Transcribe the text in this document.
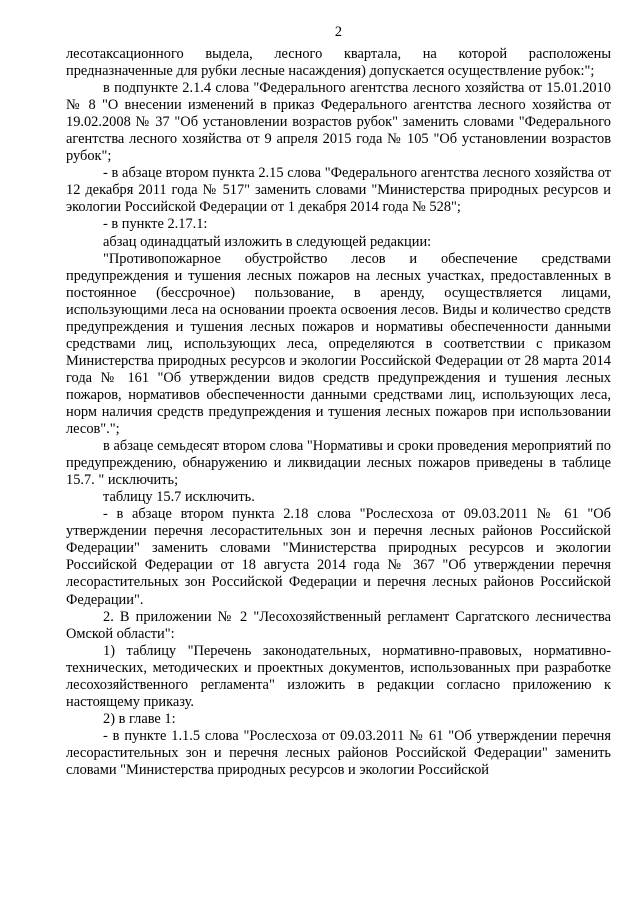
2

лесотаксационного выдела, лесного квартала, на которой расположены предназначенные для рубки лесные насаждения) допускается осуществление рубок:";

в подпункте 2.1.4 слова "Федерального агентства лесного хозяйства от 15.01.2010 № 8 "О внесении изменений в приказ Федерального агентства лесного хозяйства от 19.02.2008 № 37 "Об установлении возрастов рубок" заменить словами "Федерального агентства лесного хозяйства от 9 апреля 2015 года № 105 "Об установлении возрастов рубок";

- в абзаце втором пункта 2.15 слова "Федерального агентства лесного хозяйства от 12 декабря 2011 года № 517" заменить словами "Министерства природных ресурсов и экологии Российской Федерации от 1 декабря 2014 года № 528";

- в пункте 2.17.1:

абзац одинадцатый изложить в следующей редакции:

"Противопожарное обустройство лесов и обеспечение средствами предупреждения и тушения лесных пожаров на лесных участках, предоставленных в постоянное (бессрочное) пользование, в аренду, осуществляется лицами, использующими леса на основании проекта освоения лесов. Виды и количество средств предупреждения и тушения лесных пожаров и нормативы обеспеченности данными средствами лиц, использующих леса, определяются в соответствии с приказом Министерства природных ресурсов и экологии Российской Федерации от 28 марта 2014 года № 161 "Об утверждении видов средств предупреждения и тушения лесных пожаров, нормативов обеспеченности данными средствами лиц, использующих леса, норм наличия средств предупреждения и тушения лесных пожаров при использовании лесов".";

в абзаце семьдесят втором слова "Нормативы и сроки проведения мероприятий по предупреждению, обнаружению и ликвидации лесных пожаров приведены в таблице 15.7. " исключить;

таблицу 15.7 исключить.

- в абзаце втором пункта 2.18 слова "Рослесхоза от 09.03.2011 № 61 "Об утверждении перечня лесорастительных зон и перечня лесных районов Российской Федерации" заменить словами "Министерства природных ресурсов и экологии Российской Федерации от 18 августа 2014 года № 367 "Об утверждении перечня лесорастительных зон Российской Федерации и перечня лесных районов Российской Федерации".

2. В приложении № 2 "Лесохозяйственный регламент Саргатского лесничества Омской области":

1) таблицу "Перечень законодательных, нормативно-правовых, нормативно-технических, методических и проектных документов, использованных при разработке лесохозяйственного регламента" изложить в редакции согласно приложению к настоящему приказу.

2) в главе 1:

- в пункте 1.1.5 слова "Рослесхоза от 09.03.2011 № 61 "Об утверждении перечня лесорастительных зон и перечня лесных районов Российской Федерации" заменить словами "Министерства природных ресурсов и экологии Российской
